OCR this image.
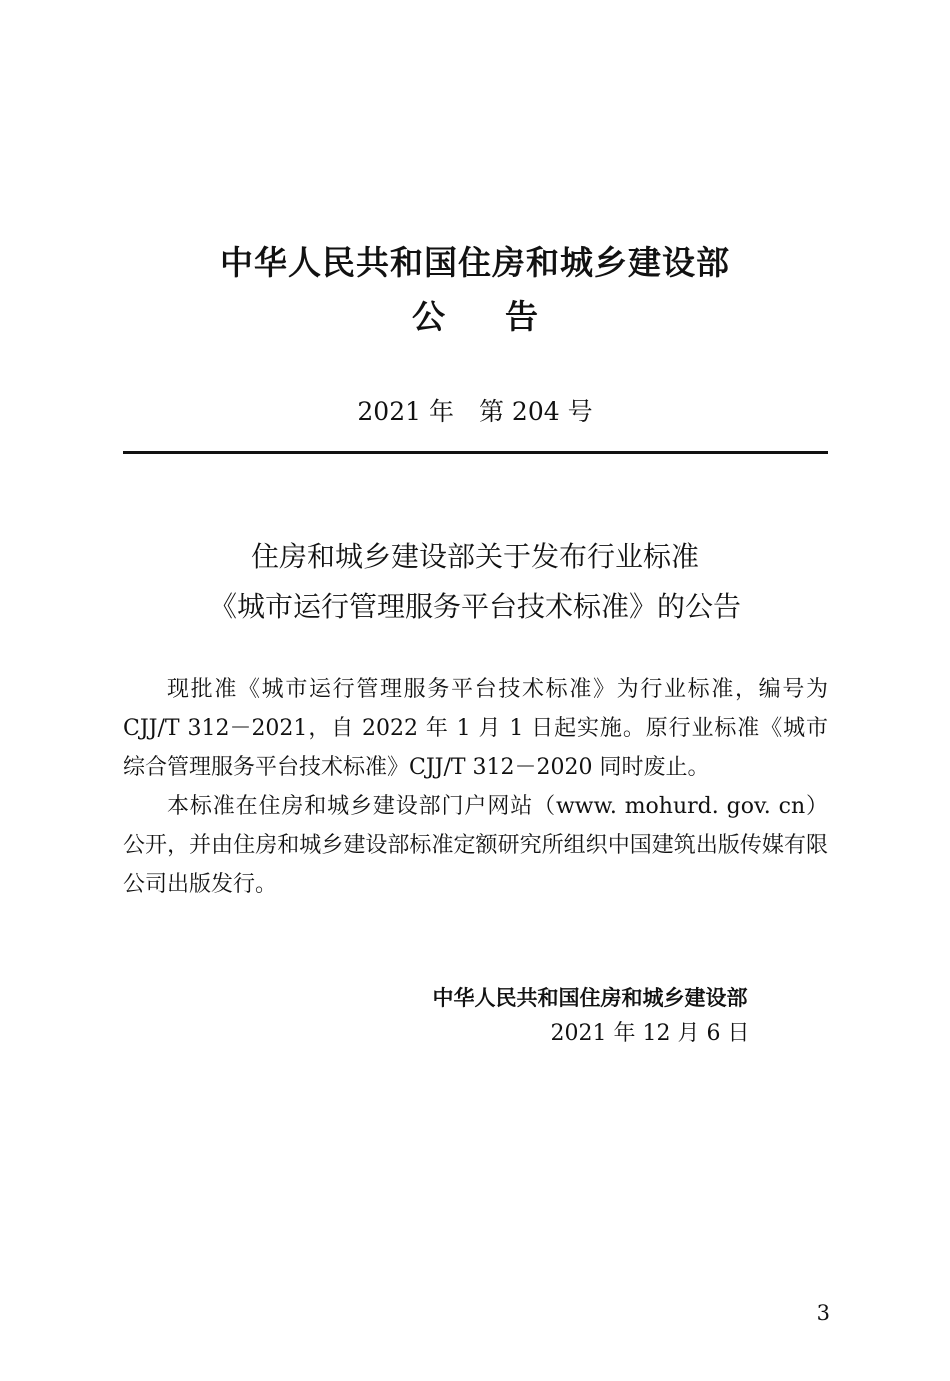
中华人民共和国住房和城乡建设部
公告
2021 年　第 204 号
住房和城乡建设部关于发布行业标准
《城市运行管理服务平台技术标准》的公告

现批准《城市运行管理服务平台技术标准》为行业标准，编号为 CJJ/T 312－2021，自 2022 年 1 月 1 日起实施。原行业标准《城市综合管理服务平台技术标准》CJJ/T 312－2020 同时废止。

本标准在住房和城乡建设部门户网站（www. mohurd. gov. cn）公开，并由住房和城乡建设部标准定额研究所组织中国建筑出版传媒有限公司出版发行。

中华人民共和国住房和城乡建设部
2021 年 12 月 6 日
3
